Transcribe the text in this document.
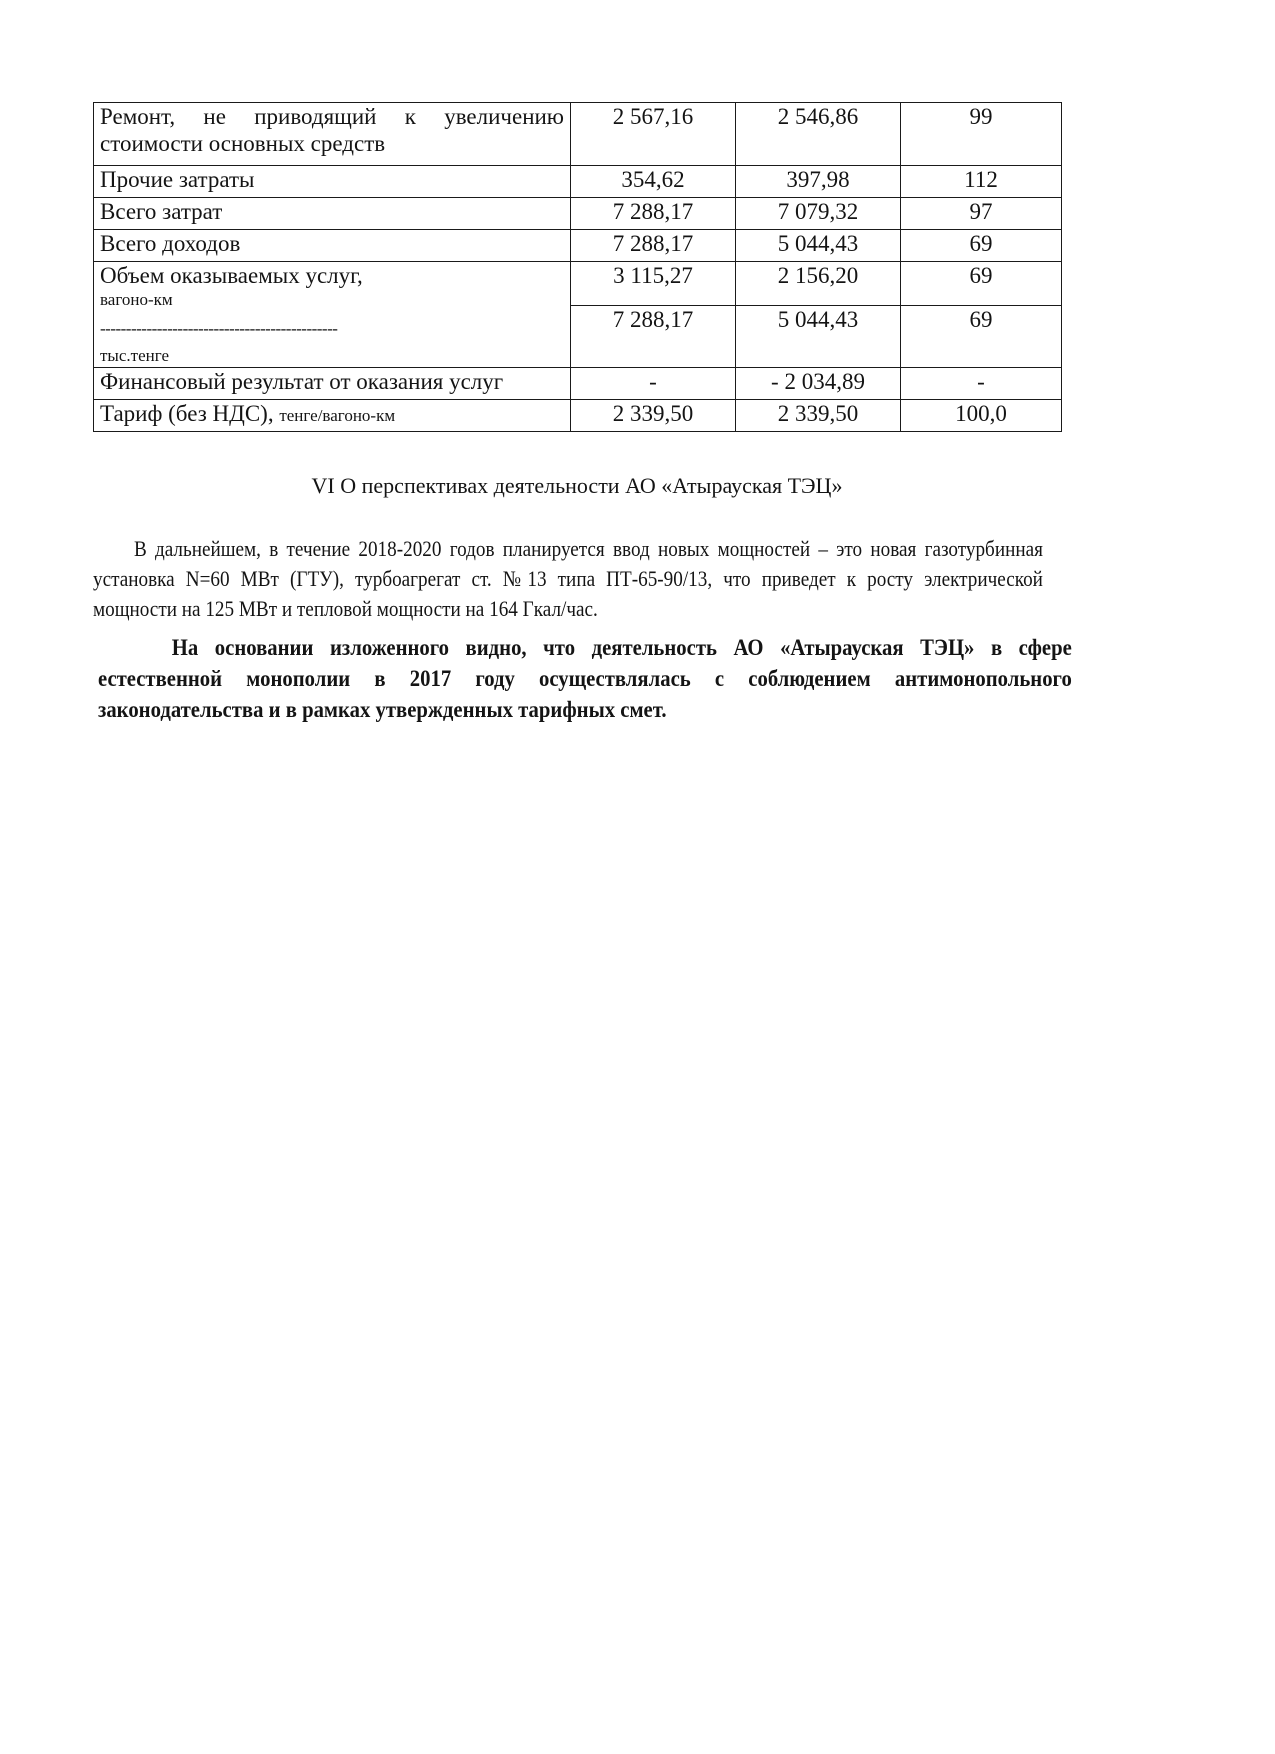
Ремонт, не приводящий к увеличению
стоимости основных средств	2 567,16	2 546,86	99
Прочие затраты	354,62	397,98	112
Всего затрат	7 288,17	7 079,32	97
Всего доходов	7 288,17	5 044,43	69

Объем оказываемых услуг,
вагоно-км
----------------------------------------------
тыс.тенге	3 115,27	2 156,20	69
	7 288,17	5 044,43	69
Финансовый результат от оказания услуг	-	- 2 034,89	-
Тариф (без НДС), тенге/вагоно-км	2 339,50	2 339,50	100,0
VI О перспективах деятельности АО «Атырауская ТЭЦ»
В дальнейшем, в течение 2018-2020 годов планируется ввод новых мощностей – это новая газотурбинная установка N=60 МВт (ГТУ), турбоагрегат ст. №13 типа ПТ-65-90/13, что приведет к росту электрической мощности на 125 МВт и тепловой мощности на 164 Гкал/час.
На основании изложенного видно, что деятельность АО «Атырауская ТЭЦ» в сфере естественной монополии в 2017 году осуществлялась с соблюдением антимонопольного законодательства и в рамках утвержденных тарифных смет.
